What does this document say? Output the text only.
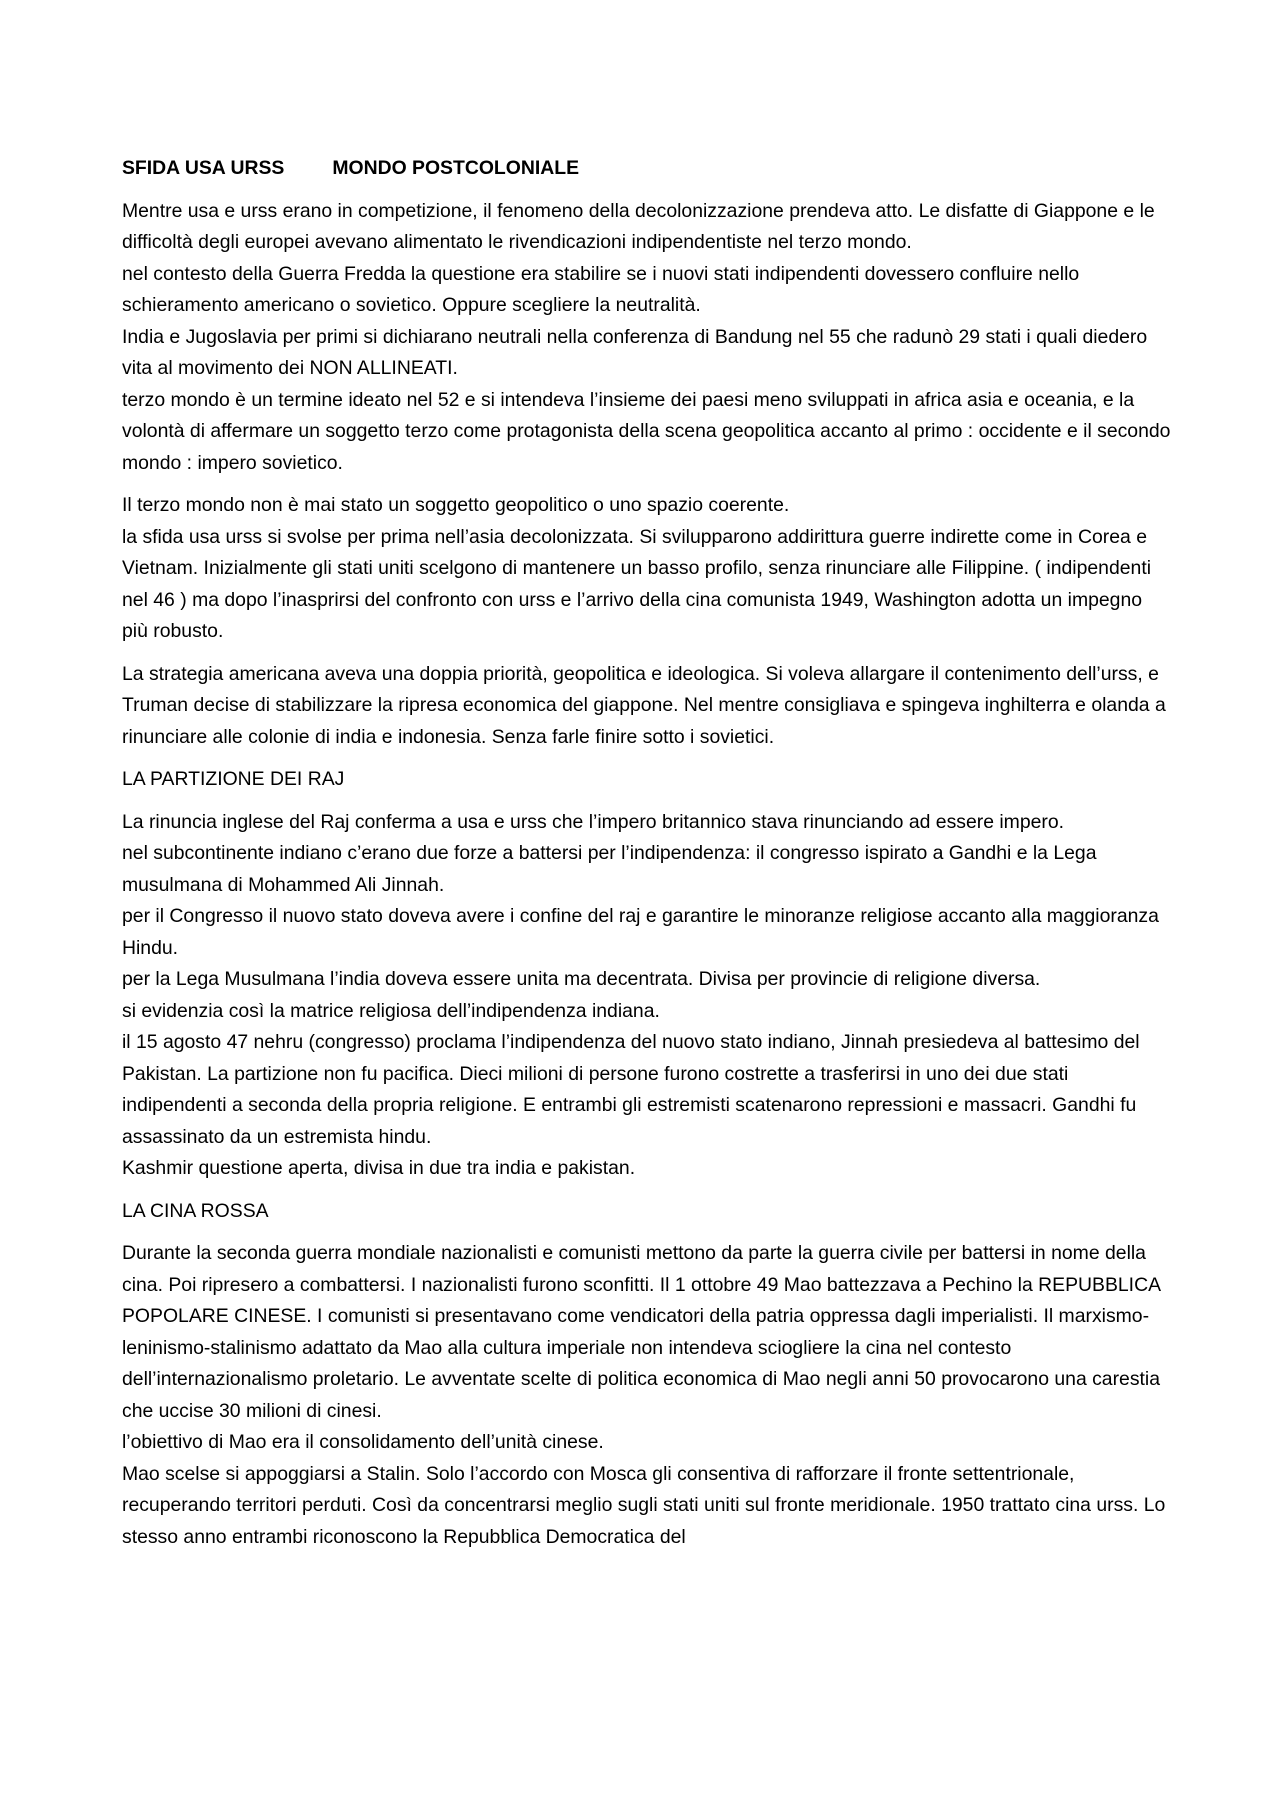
SFIDA USA URSS MONDO POSTCOLONIALE
Mentre usa e urss erano in competizione, il fenomeno della decolonizzazione prendeva atto. Le disfatte di Giappone e le difficoltà degli europei avevano alimentato le rivendicazioni indipendentiste nel terzo mondo.
nel contesto della Guerra Fredda la questione era stabilire se i nuovi stati indipendenti dovessero confluire nello schieramento americano o sovietico. Oppure scegliere la neutralità.
India e Jugoslavia per primi si dichiarano neutrali nella conferenza di Bandung nel 55 che radunò 29 stati i quali diedero vita al movimento dei NON ALLINEATI.
terzo mondo è un termine ideato nel 52 e si intendeva l’insieme dei paesi meno sviluppati in africa asia e oceania, e la volontà di affermare un soggetto terzo come protagonista della scena geopolitica accanto al primo : occidente e il secondo mondo : impero sovietico.
Il terzo mondo non è mai stato un soggetto geopolitico o uno spazio coerente.
la sfida usa urss si svolse per prima nell’asia decolonizzata. Si svilupparono addirittura guerre indirette come in Corea e Vietnam. Inizialmente gli stati uniti scelgono di mantenere un basso profilo, senza rinunciare alle Filippine. ( indipendenti nel 46 ) ma dopo l’inasprirsi del confronto con urss e l’arrivo della cina comunista 1949, Washington adotta un impegno più robusto.
La strategia americana aveva una doppia priorità, geopolitica e ideologica. Si voleva allargare il contenimento dell’urss, e Truman decise di stabilizzare la ripresa economica del giappone. Nel mentre consigliava e spingeva inghilterra e olanda a rinunciare alle colonie di india e indonesia. Senza farle finire sotto i sovietici.
LA PARTIZIONE DEI RAJ
La rinuncia inglese del Raj conferma a usa e urss che l’impero britannico stava rinunciando ad essere impero.
nel subcontinente indiano c’erano due forze a battersi per l’indipendenza: il congresso ispirato a Gandhi e la Lega musulmana di Mohammed Ali Jinnah.
per il Congresso il nuovo stato doveva avere i confine del raj e garantire le minoranze religiose accanto alla maggioranza Hindu.
per la Lega Musulmana l’india doveva essere unita ma decentrata. Divisa per provincie di religione diversa.
si evidenzia così la matrice religiosa dell’indipendenza indiana.
il 15 agosto 47 nehru (congresso) proclama l’indipendenza del nuovo stato indiano, Jinnah presiedeva al battesimo del Pakistan. La partizione non fu pacifica. Dieci milioni di persone furono costrette a trasferirsi in uno dei due stati indipendenti a seconda della propria religione. E entrambi gli estremisti scatenarono repressioni e massacri. Gandhi fu assassinato da un estremista hindu.
Kashmir questione aperta, divisa in due tra india e pakistan.
LA CINA ROSSA
Durante la seconda guerra mondiale nazionalisti e comunisti mettono da parte la guerra civile per battersi in nome della cina. Poi ripresero a combattersi. I nazionalisti furono sconfitti. Il 1 ottobre 49 Mao battezzava a Pechino la REPUBBLICA POPOLARE CINESE. I comunisti si presentavano come vendicatori della patria oppressa dagli imperialisti. Il marxismo-leninismo-stalinismo adattato da Mao alla cultura imperiale non intendeva sciogliere la cina nel contesto dell’internazionalismo proletario. Le avventate scelte di politica economica di Mao negli anni 50 provocarono una carestia che uccise 30 milioni di cinesi.
l’obiettivo di Mao era il consolidamento dell’unità cinese.
Mao scelse si appoggiarsi a Stalin. Solo l’accordo con Mosca gli consentiva di rafforzare il fronte settentrionale, recuperando territori perduti. Così da concentrarsi meglio sugli stati uniti sul fronte meridionale. 1950 trattato cina urss. Lo stesso anno entrambi riconoscono la Repubblica Democratica del
